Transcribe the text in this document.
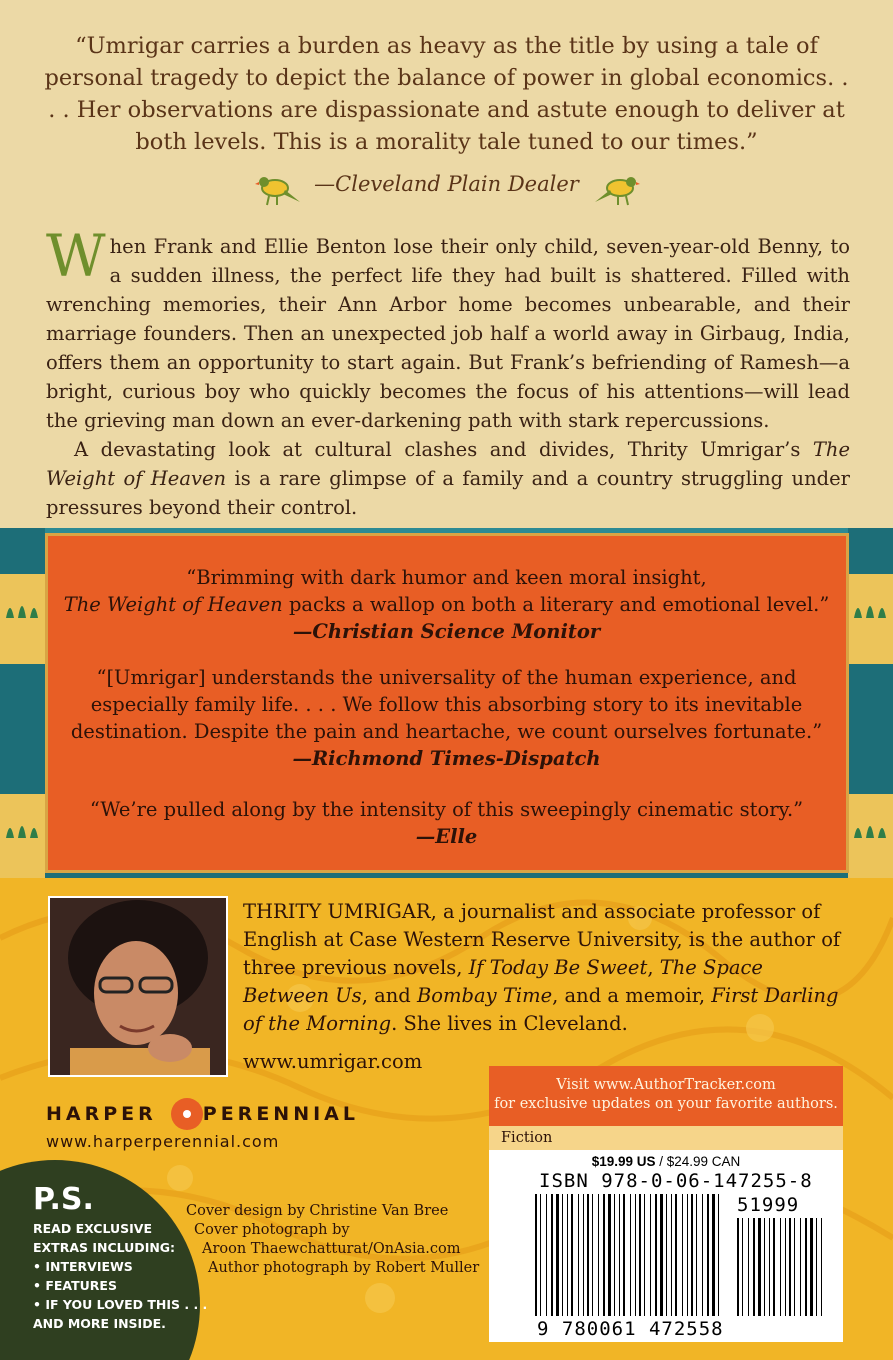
“Umrigar carries a burden as heavy as the title by using a tale of personal tragedy to depict the balance of power in global economics. . . . Her observations are dispassionate and astute enough to deliver at both levels. This is a morality tale tuned to our times.”
—Cleveland Plain Dealer

When Frank and Ellie Benton lose their only child, seven-year-old Benny, to a sudden illness, the perfect life they had built is shattered. Filled with wrenching memories, their Ann Arbor home becomes unbearable, and their marriage founders. Then an unexpected job half a world away in Girbaug, India, offers them an opportunity to start again. But Frank’s befriending of Ramesh—a bright, curious boy who quickly becomes the focus of his attentions—will lead the grieving man down an ever-darkening path with stark repercussions.

A devastating look at cultural clashes and divides, Thrity Umrigar’s The Weight of Heaven is a rare glimpse of a family and a country struggling under pressures beyond their control.

“Brimming with dark humor and keen moral insight,
The Weight of Heaven packs a wallop on both a literary and emotional level.”
—Christian Science Monitor
“[Umrigar] understands the universality of the human experience, and especially family life. . . . We follow this absorbing story to its inevitable destination. Despite the pain and heartache, we count ourselves fortunate.”
—Richmond Times-Dispatch
“We’re pulled along by the intensity of this sweepingly cinematic story.”
—Elle
THRITY UMRIGAR, a journalist and associate professor of English at Case Western Reserve University, is the author of three previous novels, If Today Be Sweet, The Space Between Us, and Bombay Time, and a memoir, First Darling of the Morning. She lives in Cleveland.
www.umrigar.com
HARPER PERENNIAL
www.harperperennial.com
P.S.
READ EXCLUSIVE
EXTRAS INCLUDING:
• INTERVIEWS
• FEATURES
• IF YOU LOVED THIS . . .
AND MORE INSIDE.
Cover design by Christine Van Bree
Cover photograph by
Aroon Thaewchatturat/OnAsia.com
Author photograph by Robert Muller
Visit www.AuthorTracker.com
for exclusive updates on your favorite authors.
Fiction
$19.99 US / $24.99 CAN
ISBN 978-0-06-147255-8
51999
9 780061 472558
